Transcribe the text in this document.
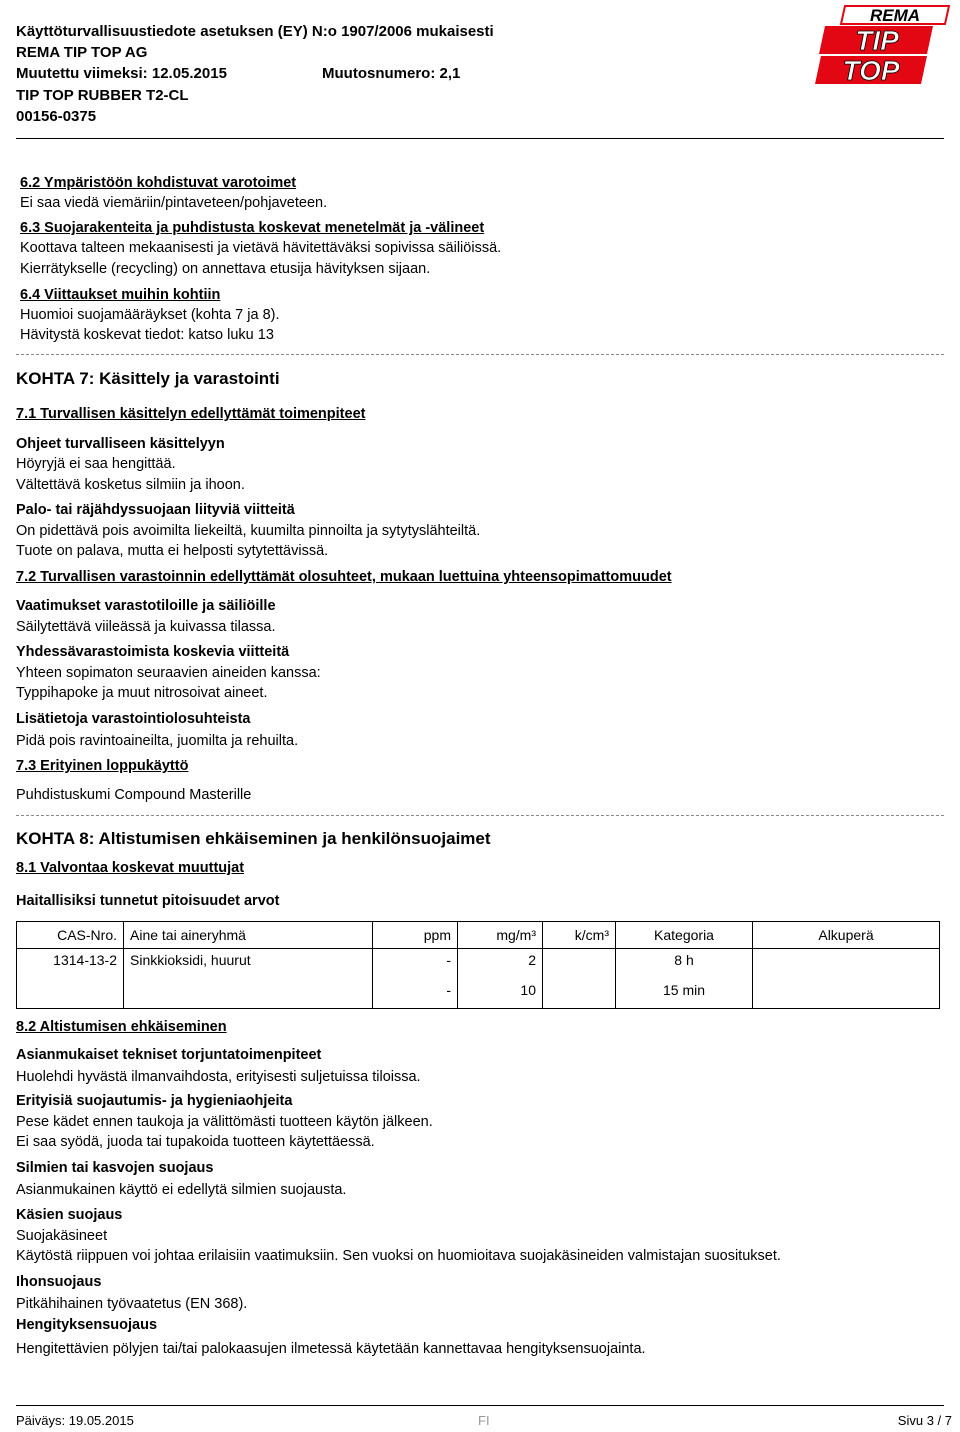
Käyttöturvallisuustiedote asetuksen (EY) N:o 1907/2006 mukaisesti
REMA TIP TOP AG
Muutettu viimeksi: 12.05.2015	Muutosnumero: 2,1
TIP TOP RUBBER T2-CL
00156-0375
REMA
TIP
TOP
6.2 Ympäristöön kohdistuvat varotoimet
Ei saa viedä viemäriin/pintaveteen/pohjaveteen.
6.3 Suojarakenteita ja puhdistusta koskevat menetelmät ja -välineet
Koottava talteen mekaanisesti ja vietävä hävitettäväksi sopivissa säiliöissä.
Kierrätykselle (recycling) on annettava etusija hävityksen sijaan.
6.4 Viittaukset muihin kohtiin
Huomioi suojamääräykset (kohta 7 ja 8).
Hävitystä koskevat tiedot: katso luku 13
KOHTA 7: Käsittely ja varastointi
7.1 Turvallisen käsittelyn edellyttämät toimenpiteet
Ohjeet turvalliseen käsittelyyn
Höyryjä ei saa hengittää.
Vältettävä kosketus silmiin ja ihoon.
Palo- tai räjähdyssuojaan liityviä viitteitä
On pidettävä pois avoimilta liekeiltä, kuumilta pinnoilta ja sytytyslähteiltä.
Tuote on palava, mutta ei helposti sytytettävissä.
7.2 Turvallisen varastoinnin edellyttämät olosuhteet, mukaan luettuina yhteensopimattomuudet
Vaatimukset varastotiloille ja säiliöille
Säilytettävä viileässä ja kuivassa tilassa.
Yhdessävarastoimista koskevia viitteitä
Yhteen sopimaton seuraavien aineiden kanssa:
Typpihapoke ja muut nitrosoivat aineet.
Lisätietoja varastointiolosuhteista
Pidä pois ravintoaineilta, juomilta ja rehuilta.
7.3 Erityinen loppukäyttö
Puhdistuskumi Compound Masterille
KOHTA 8: Altistumisen ehkäiseminen ja henkilönsuojaimet
8.1 Valvontaa koskevat muuttujat
Haitallisiksi tunnetut pitoisuudet arvot
CAS-Nro.	Aine tai aineryhmä	ppm	mg/m³	k/cm³	Kategoria	Alkuperä
1314-13-2	Sinkkioksidi, huurut	-	2		8 h	
		-	10		15 min	
8.2 Altistumisen ehkäiseminen
Asianmukaiset tekniset torjuntatoimenpiteet
Huolehdi hyvästä ilmanvaihdosta, erityisesti suljetuissa tiloissa.
Erityisiä suojautumis- ja hygieniaohjeita
Pese kädet ennen taukoja ja välittömästi tuotteen käytön jälkeen.
Ei saa syödä, juoda tai tupakoida tuotteen käytettäessä.
Silmien tai kasvojen suojaus
Asianmukainen käyttö ei edellytä silmien suojausta.
Käsien suojaus
Suojakäsineet
Käytöstä riippuen voi johtaa erilaisiin vaatimuksiin. Sen vuoksi on huomioitava suojakäsineiden valmistajan suositukset.
Ihonsuojaus
Pitkähihainen työvaatetus (EN 368).
Hengityksensuojaus
Hengitettävien pölyjen tai/tai palokaasujen ilmetessä käytetään kannettavaa hengityksensuojainta.
Päiväys: 19.05.2015	FI	Sivu 3 / 7
